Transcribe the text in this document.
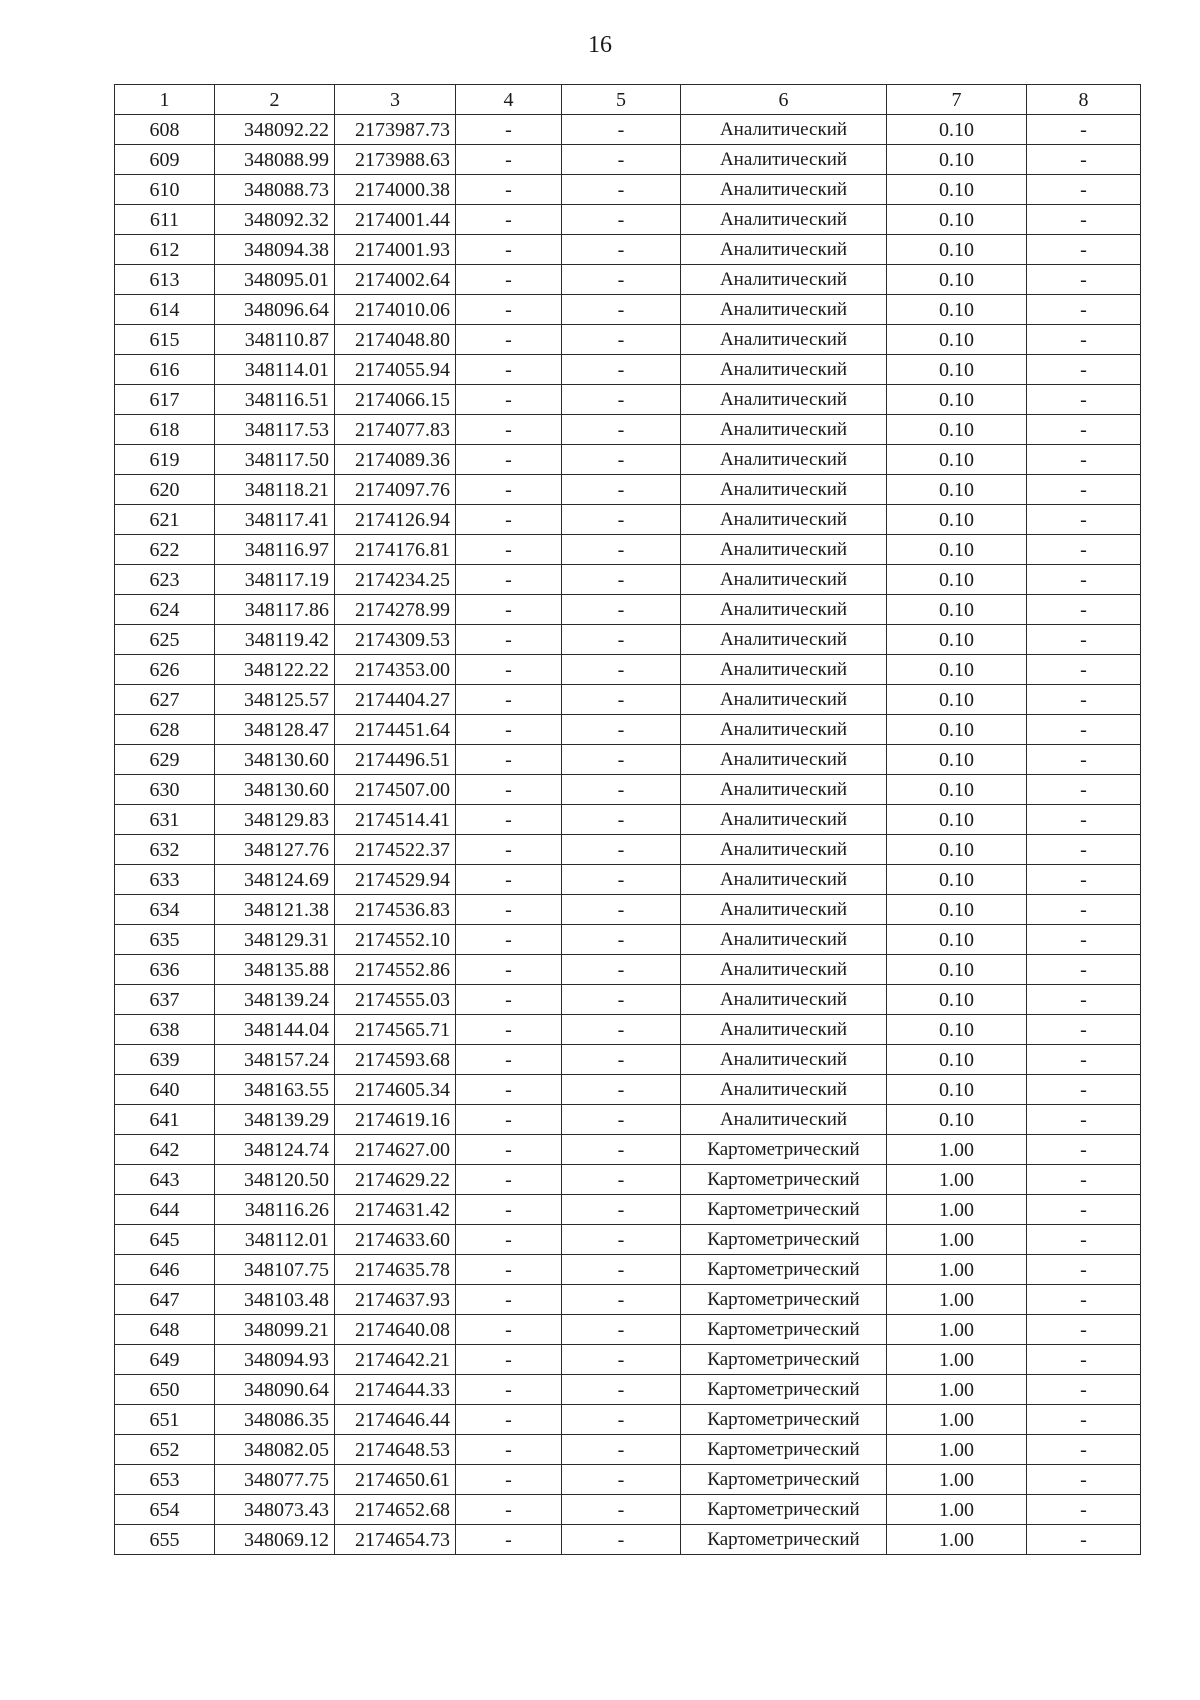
16
1	2	3	4	5	6	7	8
608	348092.22	2173987.73	-	-	Аналитический	0.10	-
609	348088.99	2173988.63	-	-	Аналитический	0.10	-
610	348088.73	2174000.38	-	-	Аналитический	0.10	-
611	348092.32	2174001.44	-	-	Аналитический	0.10	-
612	348094.38	2174001.93	-	-	Аналитический	0.10	-
613	348095.01	2174002.64	-	-	Аналитический	0.10	-
614	348096.64	2174010.06	-	-	Аналитический	0.10	-
615	348110.87	2174048.80	-	-	Аналитический	0.10	-
616	348114.01	2174055.94	-	-	Аналитический	0.10	-
617	348116.51	2174066.15	-	-	Аналитический	0.10	-
618	348117.53	2174077.83	-	-	Аналитический	0.10	-
619	348117.50	2174089.36	-	-	Аналитический	0.10	-
620	348118.21	2174097.76	-	-	Аналитический	0.10	-
621	348117.41	2174126.94	-	-	Аналитический	0.10	-
622	348116.97	2174176.81	-	-	Аналитический	0.10	-
623	348117.19	2174234.25	-	-	Аналитический	0.10	-
624	348117.86	2174278.99	-	-	Аналитический	0.10	-
625	348119.42	2174309.53	-	-	Аналитический	0.10	-
626	348122.22	2174353.00	-	-	Аналитический	0.10	-
627	348125.57	2174404.27	-	-	Аналитический	0.10	-
628	348128.47	2174451.64	-	-	Аналитический	0.10	-
629	348130.60	2174496.51	-	-	Аналитический	0.10	-
630	348130.60	2174507.00	-	-	Аналитический	0.10	-
631	348129.83	2174514.41	-	-	Аналитический	0.10	-
632	348127.76	2174522.37	-	-	Аналитический	0.10	-
633	348124.69	2174529.94	-	-	Аналитический	0.10	-
634	348121.38	2174536.83	-	-	Аналитический	0.10	-
635	348129.31	2174552.10	-	-	Аналитический	0.10	-
636	348135.88	2174552.86	-	-	Аналитический	0.10	-
637	348139.24	2174555.03	-	-	Аналитический	0.10	-
638	348144.04	2174565.71	-	-	Аналитический	0.10	-
639	348157.24	2174593.68	-	-	Аналитический	0.10	-
640	348163.55	2174605.34	-	-	Аналитический	0.10	-
641	348139.29	2174619.16	-	-	Аналитический	0.10	-
642	348124.74	2174627.00	-	-	Картометрический	1.00	-
643	348120.50	2174629.22	-	-	Картометрический	1.00	-
644	348116.26	2174631.42	-	-	Картометрический	1.00	-
645	348112.01	2174633.60	-	-	Картометрический	1.00	-
646	348107.75	2174635.78	-	-	Картометрический	1.00	-
647	348103.48	2174637.93	-	-	Картометрический	1.00	-
648	348099.21	2174640.08	-	-	Картометрический	1.00	-
649	348094.93	2174642.21	-	-	Картометрический	1.00	-
650	348090.64	2174644.33	-	-	Картометрический	1.00	-
651	348086.35	2174646.44	-	-	Картометрический	1.00	-
652	348082.05	2174648.53	-	-	Картометрический	1.00	-
653	348077.75	2174650.61	-	-	Картометрический	1.00	-
654	348073.43	2174652.68	-	-	Картометрический	1.00	-
655	348069.12	2174654.73	-	-	Картометрический	1.00	-
